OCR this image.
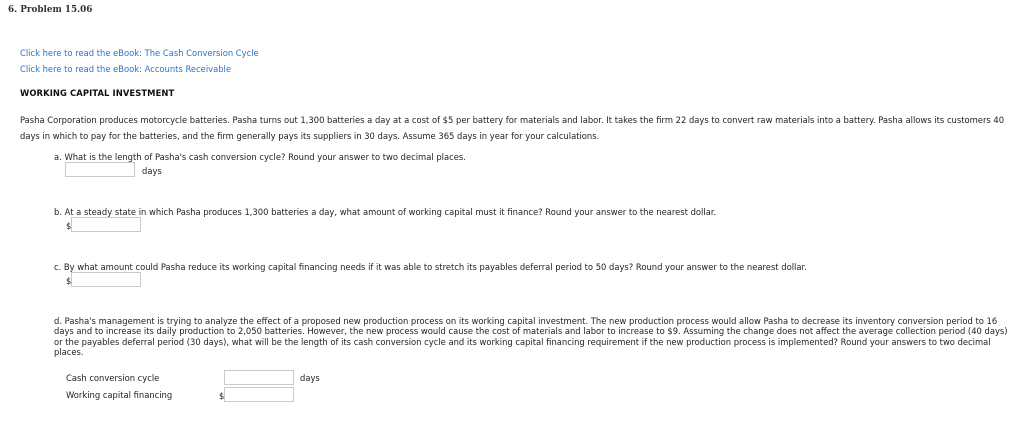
6. Problem 15.06
Click here to read the eBook: The Cash Conversion Cycle
Click here to read the eBook: Accounts Receivable
WORKING CAPITAL INVESTMENT
Pasha Corporation produces motorcycle batteries. Pasha turns out 1,300 batteries a day at a cost of $5 per battery for materials and labor. It takes the firm 22 days to convert raw materials into a battery. Pasha allows its customers 40 days in which to pay for the batteries, and the firm generally pays its suppliers in 30 days. Assume 365 days in year for your calculations.
a. What is the length of Pasha's cash conversion cycle? Round your answer to two decimal places.
days
b. At a steady state in which Pasha produces 1,300 batteries a day, what amount of working capital must it finance? Round your answer to the nearest dollar.
$
c. By what amount could Pasha reduce its working capital financing needs if it was able to stretch its payables deferral period to 50 days? Round your answer to the nearest dollar.
$
d. Pasha's management is trying to analyze the effect of a proposed new production process on its working capital investment. The new production process would allow Pasha to decrease its inventory conversion period to 16 days and to increase its daily production to 2,050 batteries. However, the new process would cause the cost of materials and labor to increase to $9. Assuming the change does not affect the average collection period (40 days) or the payables deferral period (30 days), what will be the length of its cash conversion cycle and its working capital financing requirement if the new production process is implemented? Round your answers to two decimal places.
Cash conversion cycle	days
Working capital financing	$
